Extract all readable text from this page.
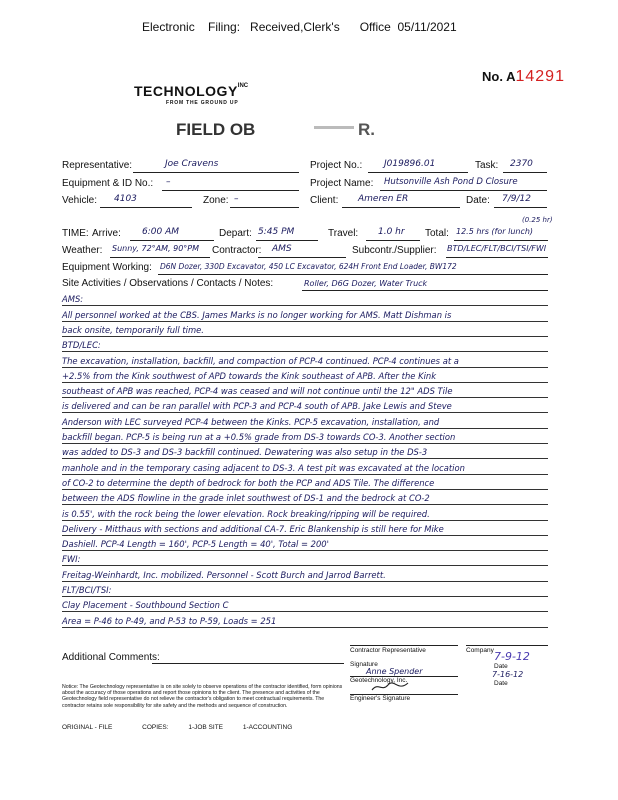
Electronic    Filing:   Received,Clerk's      Office  05/11/2021
No. A14291
$TECHNOLOGY^{INC}$
FROM THE GROUND UP
FIELD OB	R.
Representative:	Joe Cravens	Project No.: J019896.01	Task: 2370
Equipment & ID No.: –	Project Name: Hutsonville Ash Pond D Closure
Vehicle: 4103	Zone: –	Client: Ameren ER	Date: 7/9/12
(0.25 hr)
TIME: Arrive: 6:00 AM	Depart: 5:45 PM	Travel: 1.0 hr Total: 12.5 hrs (for lunch)
Weather: Sunny, 72°AM, 90°PM Contractor: AMS	Subcontr./Supplier: BTD/LEC/FLT/BCI/TSI/FWI
Equipment Working: D6N Dozer, 330D Excavator, 450 LC Excavator, 624H Front End Loader, BW172
Site Activities / Observations / Contacts / Notes:	Roller, D6G Dozer, Water Truck
AMS:
All personnel worked at the CBS. James Marks is no longer working for AMS. Matt Dishman is
back onsite, temporarily full time.
BTD/LEC:
The excavation, installation, backfill, and compaction of PCP-4 continued. PCP-4 continues at a
+2.5% from the Kink southwest of APD towards the Kink southeast of APB. After the Kink
southeast of APB was reached, PCP-4 was ceased and will not continue until the 12" ADS Tile
is delivered and can be ran parallel with PCP-3 and PCP-4 south of APB. Jake Lewis and Steve
Anderson with LEC surveyed PCP-4 between the Kinks. PCP-5 excavation, installation, and
backfill began. PCP-5 is being run at a +0.5% grade from DS-3 towards CO-3. Another section
was added to DS-3 and DS-3 backfill continued. Dewatering was also setup in the DS-3
manhole and in the temporary casing adjacent to DS-3. A test pit was excavated at the location
of CO-2 to determine the depth of bedrock for both the PCP and ADS Tile. The difference
between the ADS flowline in the grade inlet southwest of DS-1 and the bedrock at CO-2
is 0.55', with the rock being the lower elevation. Rock breaking/ripping will be required.
Delivery - Mitthaus with sections and additional CA-7. Eric Blankenship is still here for Mike
Dashiell. PCP-4 Length = 160', PCP-5 Length = 40', Total = 200'
FWI:
Freitag-Weinhardt, Inc. mobilized. Personnel - Scott Burch and Jarrod Barrett.
FLT/BCI/TSI:
Clay Placement - Southbound Section C
Area = P-46 to P-49, and P-53 to P-59, Loads = 251
Additional Comments:
Contractor Representative	Company 7-9-12
Signature
Anne Spender
Date
7-16-12
Geotechnology, Inc.	Date
Engineer's Signature
Notice: The Geotechnology representative is on site solely to observe operations of the contractor identified, form opinions about the accuracy of those operations and report those opinions to the client. The presence and activities of the Geotechnology field representative do not relieve the contractor's obligation to meet contractual requirements. The contractor retains sole responsibility for site safety and the methods and sequence of construction.
ORIGINAL - FILE	COPIES:	1-JOB SITE	1-ACCOUNTING
